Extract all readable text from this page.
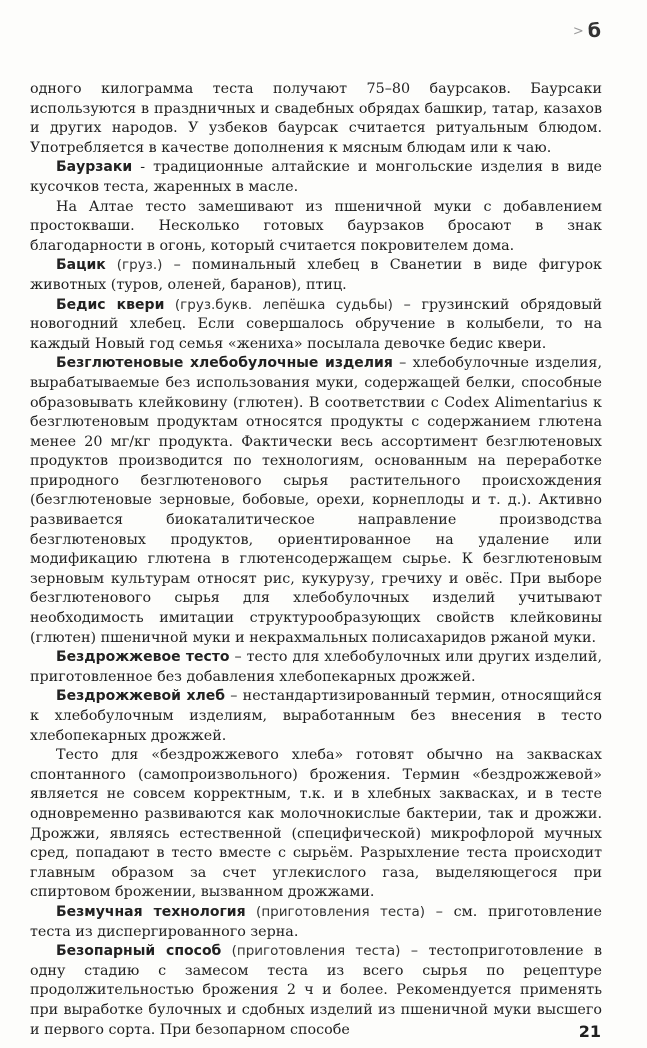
> б

одного килограмма теста получают 75–80 баурсаков. Баурсаки используются в праздничных и свадебных обрядах башкир, татар, казахов и других народов. У узбеков баурсак считается ритуальным блюдом. Употребляется в качестве дополнения к мясным блюдам или к чаю.

Баурзаки - традиционные алтайские и монгольские изделия в виде кусочков теста, жаренных в масле.

На Алтае тесто замешивают из пшеничной муки с добавлением простокваши. Несколько готовых баурзаков бросают в знак благодарности в огонь, который считается покровителем дома.

Бацик (груз.) – поминальный хлебец в Сванетии в виде фигурок животных (туров, оленей, баранов), птиц.

Бедис квери (груз.букв. лепёшка судьбы) – грузинский обрядовый новогодний хлебец. Если совершалось обручение в колыбели, то на каждый Новый год семья «жениха» посылала девочке бедис квери.

Безглютеновые хлебобулочные изделия – хлебобулочные изделия, вырабатываемые без использования муки, содержащей белки, способные образовывать клейковину (глютен). В соответствии с Codex Alimentarius к безглютеновым продуктам относятся продукты с содержанием глютена менее 20 мг/кг продукта. Фактически весь ассортимент безглютеновых продуктов производится по технологиям, основанным на переработке природного безглютенового сырья растительного происхождения (безглютеновые зерновые, бобовые, орехи, корнеплоды и т. д.). Активно развивается биокаталитическое направление производства безглютеновых продуктов, ориентированное на удаление или модификацию глютена в глютенсодержащем сырье. К безглютеновым зерновым культурам относят рис, кукурузу, гречиху и овёс. При выборе безглютенового сырья для хлебобулочных изделий учитывают необходимость имитации структурообразующих свойств клейковины (глютен) пшеничной муки и некрахмальных полисахаридов ржаной муки.

Бездрожжевое тесто – тесто для хлебобулочных или других изделий, приготовленное без добавления хлебопекарных дрожжей.

Бездрожжевой хлеб – нестандартизированный термин, относящийся к хлебобулочным изделиям, выработанным без внесения в тесто хлебопекарных дрожжей.

Тесто для «бездрожжевого хлеба» готовят обычно на заквасках спонтанного (самопроизвольного) брожения. Термин «бездрожжевой» является не совсем корректным, т.к. и в хлебных заквасках, и в тесте одновременно развиваются как молочнокислые бактерии, так и дрожжи. Дрожжи, являясь естественной (специфической) микрофлорой мучных сред, попадают в тесто вместе с сырьём. Разрыхление теста происходит главным образом за счет углекислого газа, выделяющегося при спиртовом брожении, вызванном дрожжами.

Безмучная технология (приготовления теста) – см. приготовление теста из диспергированного зерна.

Безопарный способ (приготовления теста) – тестоприготовление в одну стадию с замесом теста из всего сырья по рецептуре продолжительностью брожения 2 ч и более. Рекомендуется применять при выработке булочных и сдобных изделий из пшеничной муки высшего и первого сорта. При безопарном способе	21
